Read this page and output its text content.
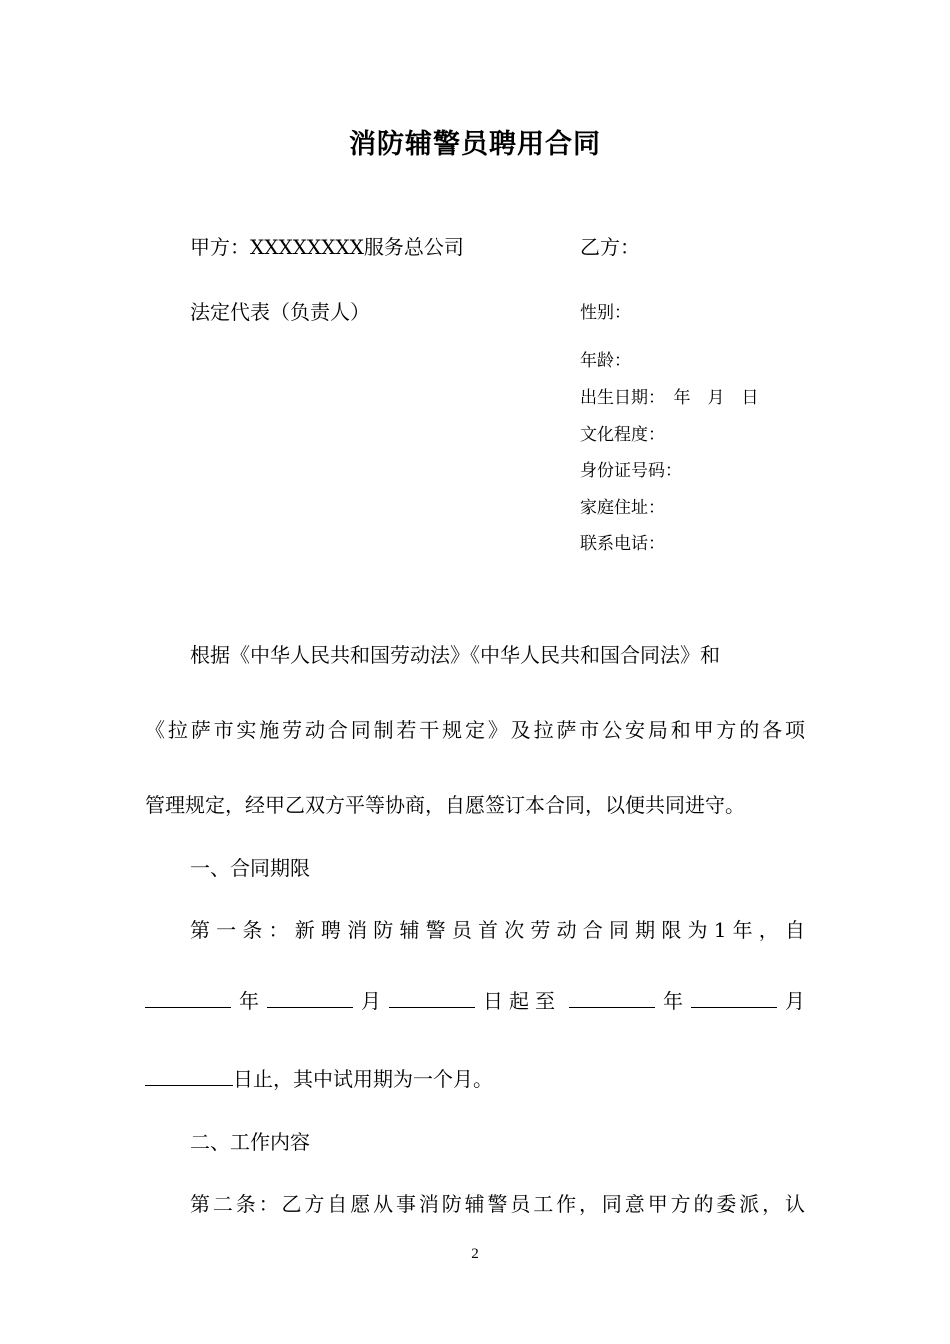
消防辅警员聘用合同
甲方：XXXXXXXX服务总公司
法定代表（负责人）
乙方：
性别：
年龄：
出生日期：　年　月　日
文化程度：
身份证号码：
家庭住址：
联系电话：
根据《中华人民共和国劳动法》《中华人民共和国合同法》和
《拉萨市实施劳动合同制若干规定》及拉萨市公安局和甲方的各项
管理规定，经甲乙双方平等协商，自愿签订本合同，以便共同进守。
一、合同期限
第一条：新聘消防辅警员首次劳动合同期限为1年，自
年	月	日起至	年	月
日止，其中试用期为一个月。
二、工作内容
第二条：乙方自愿从事消防辅警员工作，同意甲方的委派，认
2
